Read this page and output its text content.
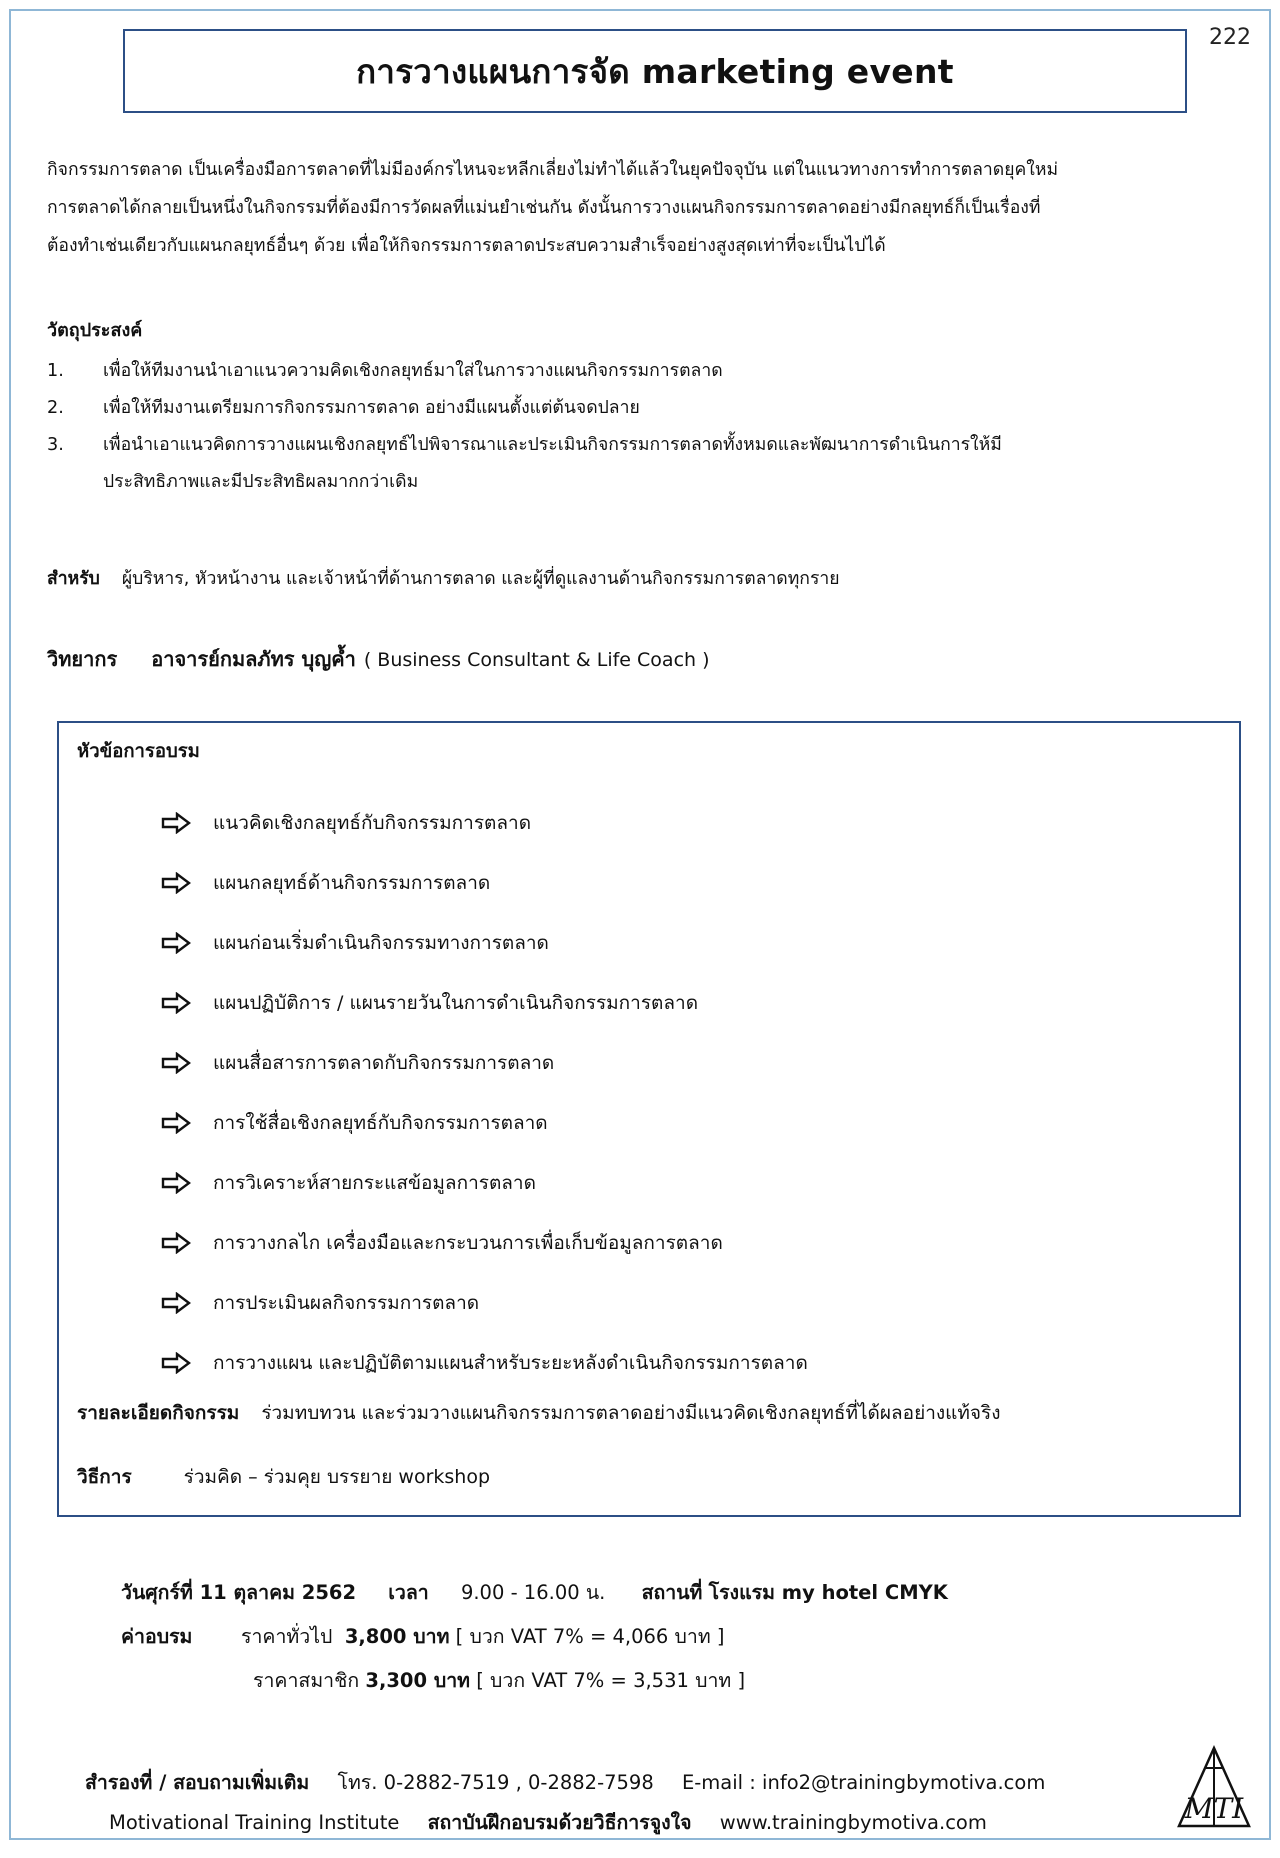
222
การวางแผนการจัด marketing event

กิจกรรมการตลาด เป็นเครื่องมือการตลาดที่ไม่มีองค์กรไหนจะหลีกเลี่ยงไม่ทำได้แล้วในยุคปัจจุบัน แต่ในแนวทางการทำการตลาดยุคใหม่

การตลาดได้กลายเป็นหนึ่งในกิจกรรมที่ต้องมีการวัดผลที่แม่นยำเช่นกัน ดังนั้นการวางแผนกิจกรรมการตลาดอย่างมีกลยุทธ์ก็เป็นเรื่องที่

ต้องทำเช่นเดียวกับแผนกลยุทธ์อื่นๆ ด้วย เพื่อให้กิจกรรมการตลาดประสบความสำเร็จอย่างสูงสุดเท่าที่จะเป็นไปได้

วัตถุประสงค์
1. เพื่อให้ทีมงานนำเอาแนวความคิดเชิงกลยุทธ์มาใส่ในการวางแผนกิจกรรมการตลาด
2. เพื่อให้ทีมงานเตรียมการกิจกรรมการตลาด อย่างมีแผนตั้งแต่ต้นจดปลาย
3. เพื่อนำเอาแนวคิดการวางแผนเชิงกลยุทธ์ไปพิจารณาและประเมินกิจกรรมการตลาดทั้งหมดและพัฒนาการดำเนินการให้มี
ประสิทธิภาพและมีประสิทธิผลมากกว่าเดิม
สำหรับ ผู้บริหาร, หัวหน้างาน และเจ้าหน้าที่ด้านการตลาด และผู้ที่ดูแลงานด้านกิจกรรมการตลาดทุกราย
วิทยากร อาจารย์กมลภัทร บุญค้ำ ( Business Consultant & Life Coach )
หัวข้อการอบรม
แนวคิดเชิงกลยุทธ์กับกิจกรรมการตลาด
แผนกลยุทธ์ด้านกิจกรรมการตลาด
แผนก่อนเริ่มดำเนินกิจกรรมทางการตลาด
แผนปฏิบัติการ / แผนรายวันในการดำเนินกิจกรรมการตลาด
แผนสื่อสารการตลาดกับกิจกรรมการตลาด
การใช้สื่อเชิงกลยุทธ์กับกิจกรรมการตลาด
การวิเคราะห์สายกระแสข้อมูลการตลาด
การวางกลไก เครื่องมือและกระบวนการเพื่อเก็บข้อมูลการตลาด
การประเมินผลกิจกรรมการตลาด
การวางแผน และปฏิบัติตามแผนสำหรับระยะหลังดำเนินกิจกรรมการตลาด
รายละเอียดกิจกรรม ร่วมทบทวน และร่วมวางแผนกิจกรรมการตลาดอย่างมีแนวคิดเชิงกลยุทธ์ที่ได้ผลอย่างแท้จริง
วิธีการ	ร่วมคิด – ร่วมคุย บรรยาย workshop
วันศุกร์ที่ 11 ตุลาคม 2562 เวลา 9.00 - 16.00 น. สถานที่ โรงแรม my hotel CMYK
ค่าอบรม ราคาทั่วไป 3,800 บาท [ บวก VAT 7% = 4,066 บาท ]
ราคาสมาชิก 3,300 บาท [ บวก VAT 7% = 3,531 บาท ]
สำรองที่ / สอบถามเพิ่มเติม โทร. 0-2882-7519 , 0-2882-7598 E-mail : info2@trainingbymotiva.com
Motivational Training Institute สถาบันฝึกอบรมด้วยวิธีการจูงใจ www.trainingbymotiva.com	MTI
